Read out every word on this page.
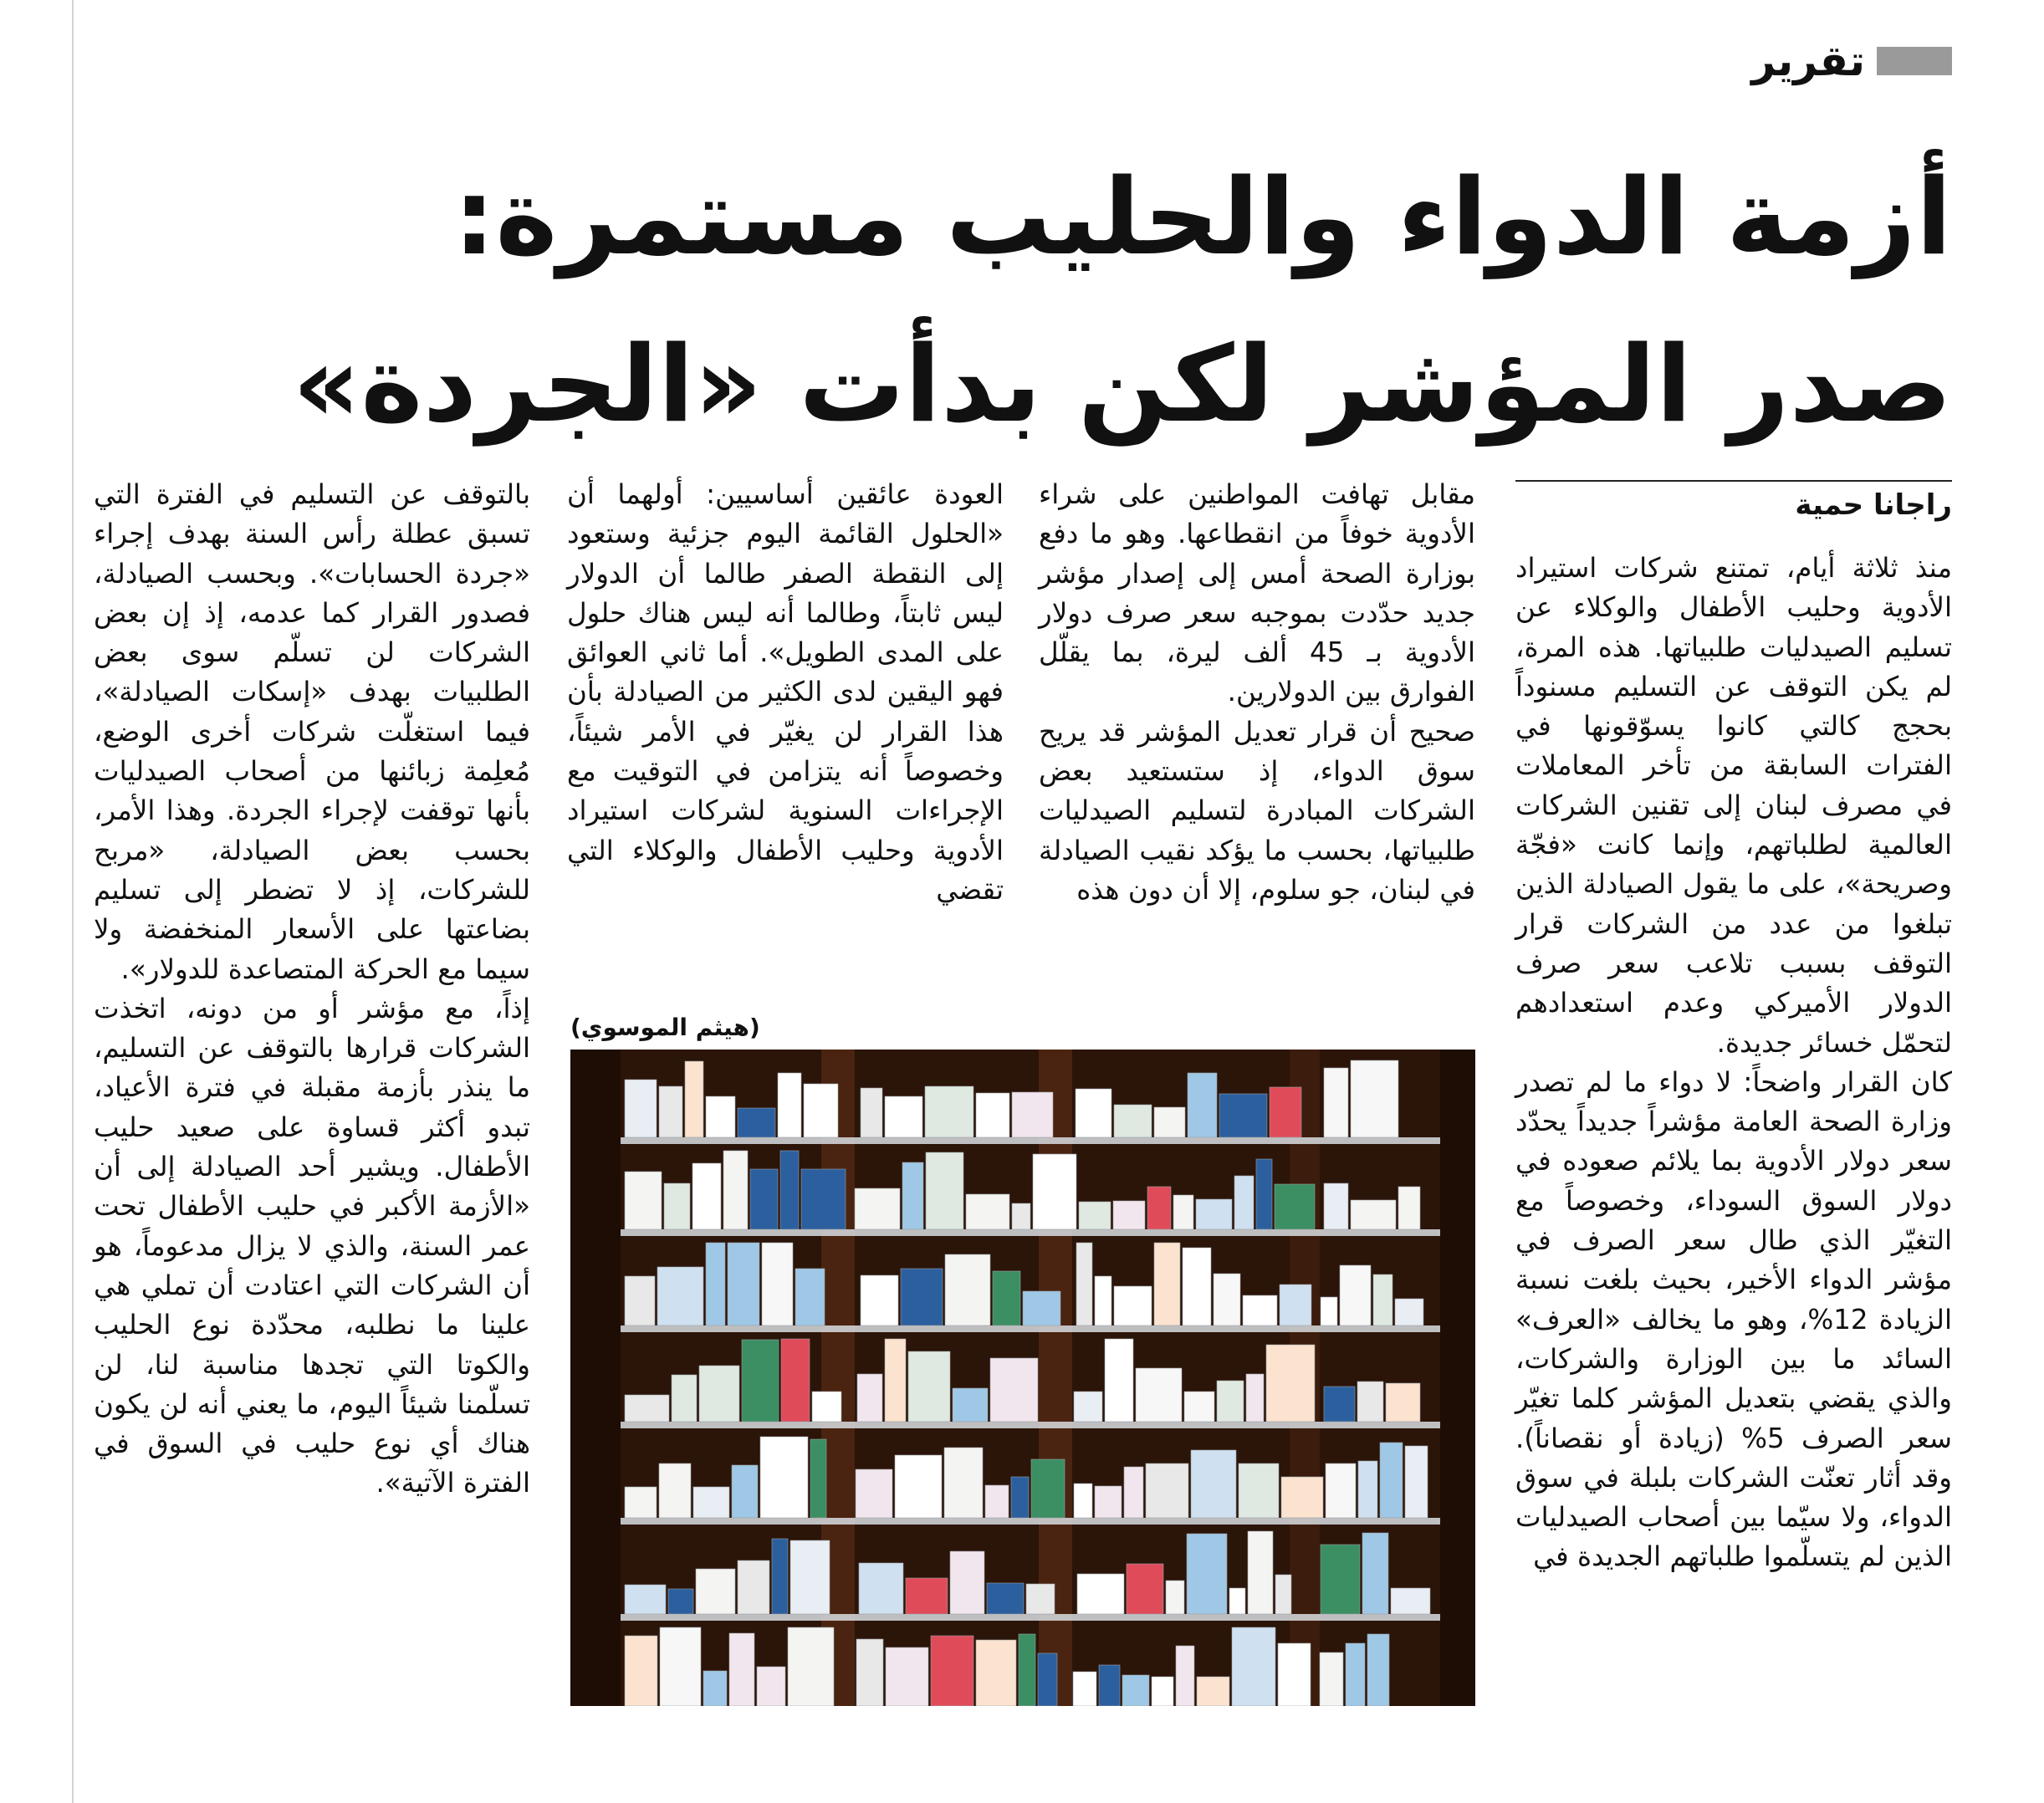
تقرير
أزمة الدواء والحليب مستمرة:
صدر المؤشر لكن بدأت «الجردة»
راجانا حمية

منذ ثلاثة أيام، تمتنع شركات استيراد الأدوية وحليب الأطفال والوكلاء عن تسليم الصيدليات طلبياتها. هذه المرة، لم يكن التوقف عن التسليم مسنوداً بحجج كالتي كانوا يسوّقونها في الفترات السابقة من تأخر المعاملات في مصرف لبنان إلى تقنين الشركات العالمية لطلباتهم، وإنما كانت «فجّة وصريحة»، على ما يقول الصيادلة الذين تبلغوا من عدد من الشركات قرار التوقف بسبب تلاعب سعر صرف الدولار الأميركي وعدم استعدادهم لتحمّل خسائر جديدة.

كان القرار واضحاً: لا دواء ما لم تصدر وزارة الصحة العامة مؤشراً جديداً يحدّد سعر دولار الأدوية بما يلائم صعوده في دولار السوق السوداء، وخصوصاً مع التغيّر الذي طال سعر الصرف في مؤشر الدواء الأخير، بحيث بلغت نسبة الزيادة 12%، وهو ما يخالف «العرف» السائد ما بين الوزارة والشركات، والذي يقضي بتعديل المؤشر كلما تغيّر سعر الصرف 5% (زيادة أو نقصاناً). وقد أثار تعنّت الشركات بلبلة في سوق الدواء، ولا سيّما بين أصحاب الصيدليات الذين لم يتسلّموا طلباتهم الجديدة في

مقابل تهافت المواطنين على شراء الأدوية خوفاً من انقطاعها. وهو ما دفع بوزارة الصحة أمس إلى إصدار مؤشر جديد حدّدت بموجبه سعر صرف دولار الأدوية بـ 45 ألف ليرة، بما يقلّل الفوارق بين الدولارين.

صحيح أن قرار تعديل المؤشر قد يريح سوق الدواء، إذ ستستعيد بعض الشركات المبادرة لتسليم الصيدليات طلبياتها، بحسب ما يؤكد نقيب الصيادلة في لبنان، جو سلوم، إلا أن دون هذه

العودة عائقين أساسيين: أولهما أن «الحلول القائمة اليوم جزئية وستعود إلى النقطة الصفر طالما أن الدولار ليس ثابتاً، وطالما أنه ليس هناك حلول على المدى الطويل». أما ثاني العوائق فهو اليقين لدى الكثير من الصيادلة بأن هذا القرار لن يغيّر في الأمر شيئاً، وخصوصاً أنه يتزامن في التوقيت مع الإجراءات السنوية لشركات استيراد الأدوية وحليب الأطفال والوكلاء التي تقضي

بالتوقف عن التسليم في الفترة التي تسبق عطلة رأس السنة بهدف إجراء «جردة الحسابات». وبحسب الصيادلة، فصدور القرار كما عدمه، إذ إن بعض الشركات لن تسلّم سوى بعض الطلبيات بهدف «إسكات الصيادلة»، فيما استغلّت شركات أخرى الوضع، مُعلِمة زبائنها من أصحاب الصيدليات بأنها توقفت لإجراء الجردة. وهذا الأمر، بحسب بعض الصيادلة، «مربح للشركات، إذ لا تضطر إلى تسليم بضاعتها على الأسعار المنخفضة ولا سيما مع الحركة المتصاعدة للدولار».

إذاً، مع مؤشر أو من دونه، اتخذت الشركات قرارها بالتوقف عن التسليم، ما ينذر بأزمة مقبلة في فترة الأعياد، تبدو أكثر قساوة على صعيد حليب الأطفال. ويشير أحد الصيادلة إلى أن «الأزمة الأكبر في حليب الأطفال تحت عمر السنة، والذي لا يزال مدعوماً، هو أن الشركات التي اعتادت أن تملي هي علينا ما نطلبه، محدّدة نوع الحليب والكوتا التي تجدها مناسبة لنا، لن تسلّمنا شيئاً اليوم، ما يعني أنه لن يكون هناك أي نوع حليب في السوق في الفترة الآتية».

(هيثم الموسوي)
